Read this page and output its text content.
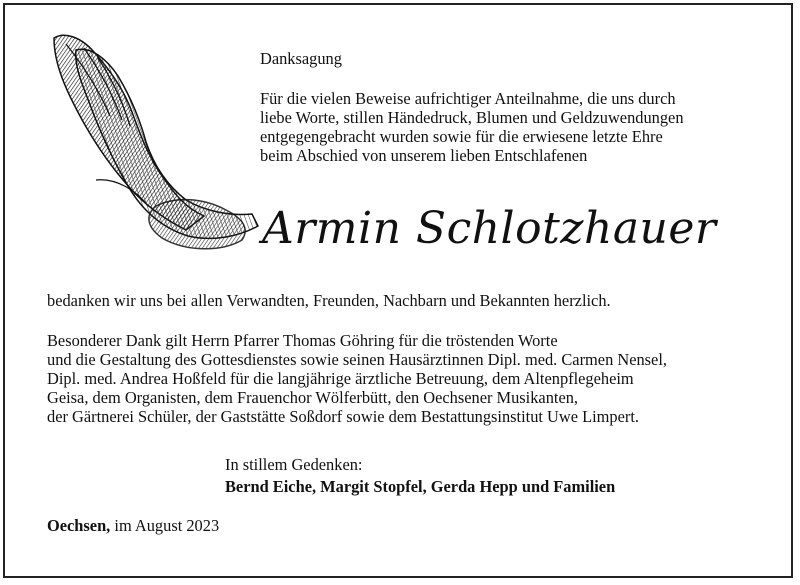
Danksagung
Für die vielen Beweise aufrichtiger Anteilnahme, die uns durch
liebe Worte, stillen Händedruck, Blumen und Geldzuwendungen
entgegengebracht wurden sowie für die erwiesene letzte Ehre
beim Abschied von unserem lieben Entschlafenen
Armin Schlotzhauer
bedanken wir uns bei allen Verwandten, Freunden, Nachbarn und Bekannten herzlich.
Besonderer Dank gilt Herrn Pfarrer Thomas Göhring für die tröstenden Worte
und die Gestaltung des Gottesdienstes sowie seinen Hausärztinnen Dipl. med. Carmen Nensel,
Dipl. med. Andrea Hoßfeld für die langjährige ärztliche Betreuung, dem Altenpflegeheim
Geisa, dem Organisten, dem Frauenchor Wölferbütt, den Oechsener Musikanten,
der Gärtnerei Schüler, der Gaststätte Soßdorf sowie dem Bestattungsinstitut Uwe Limpert.
In stillem Gedenken:
Bernd Eiche, Margit Stopfel, Gerda Hepp und Familien
Oechsen, im August 2023
